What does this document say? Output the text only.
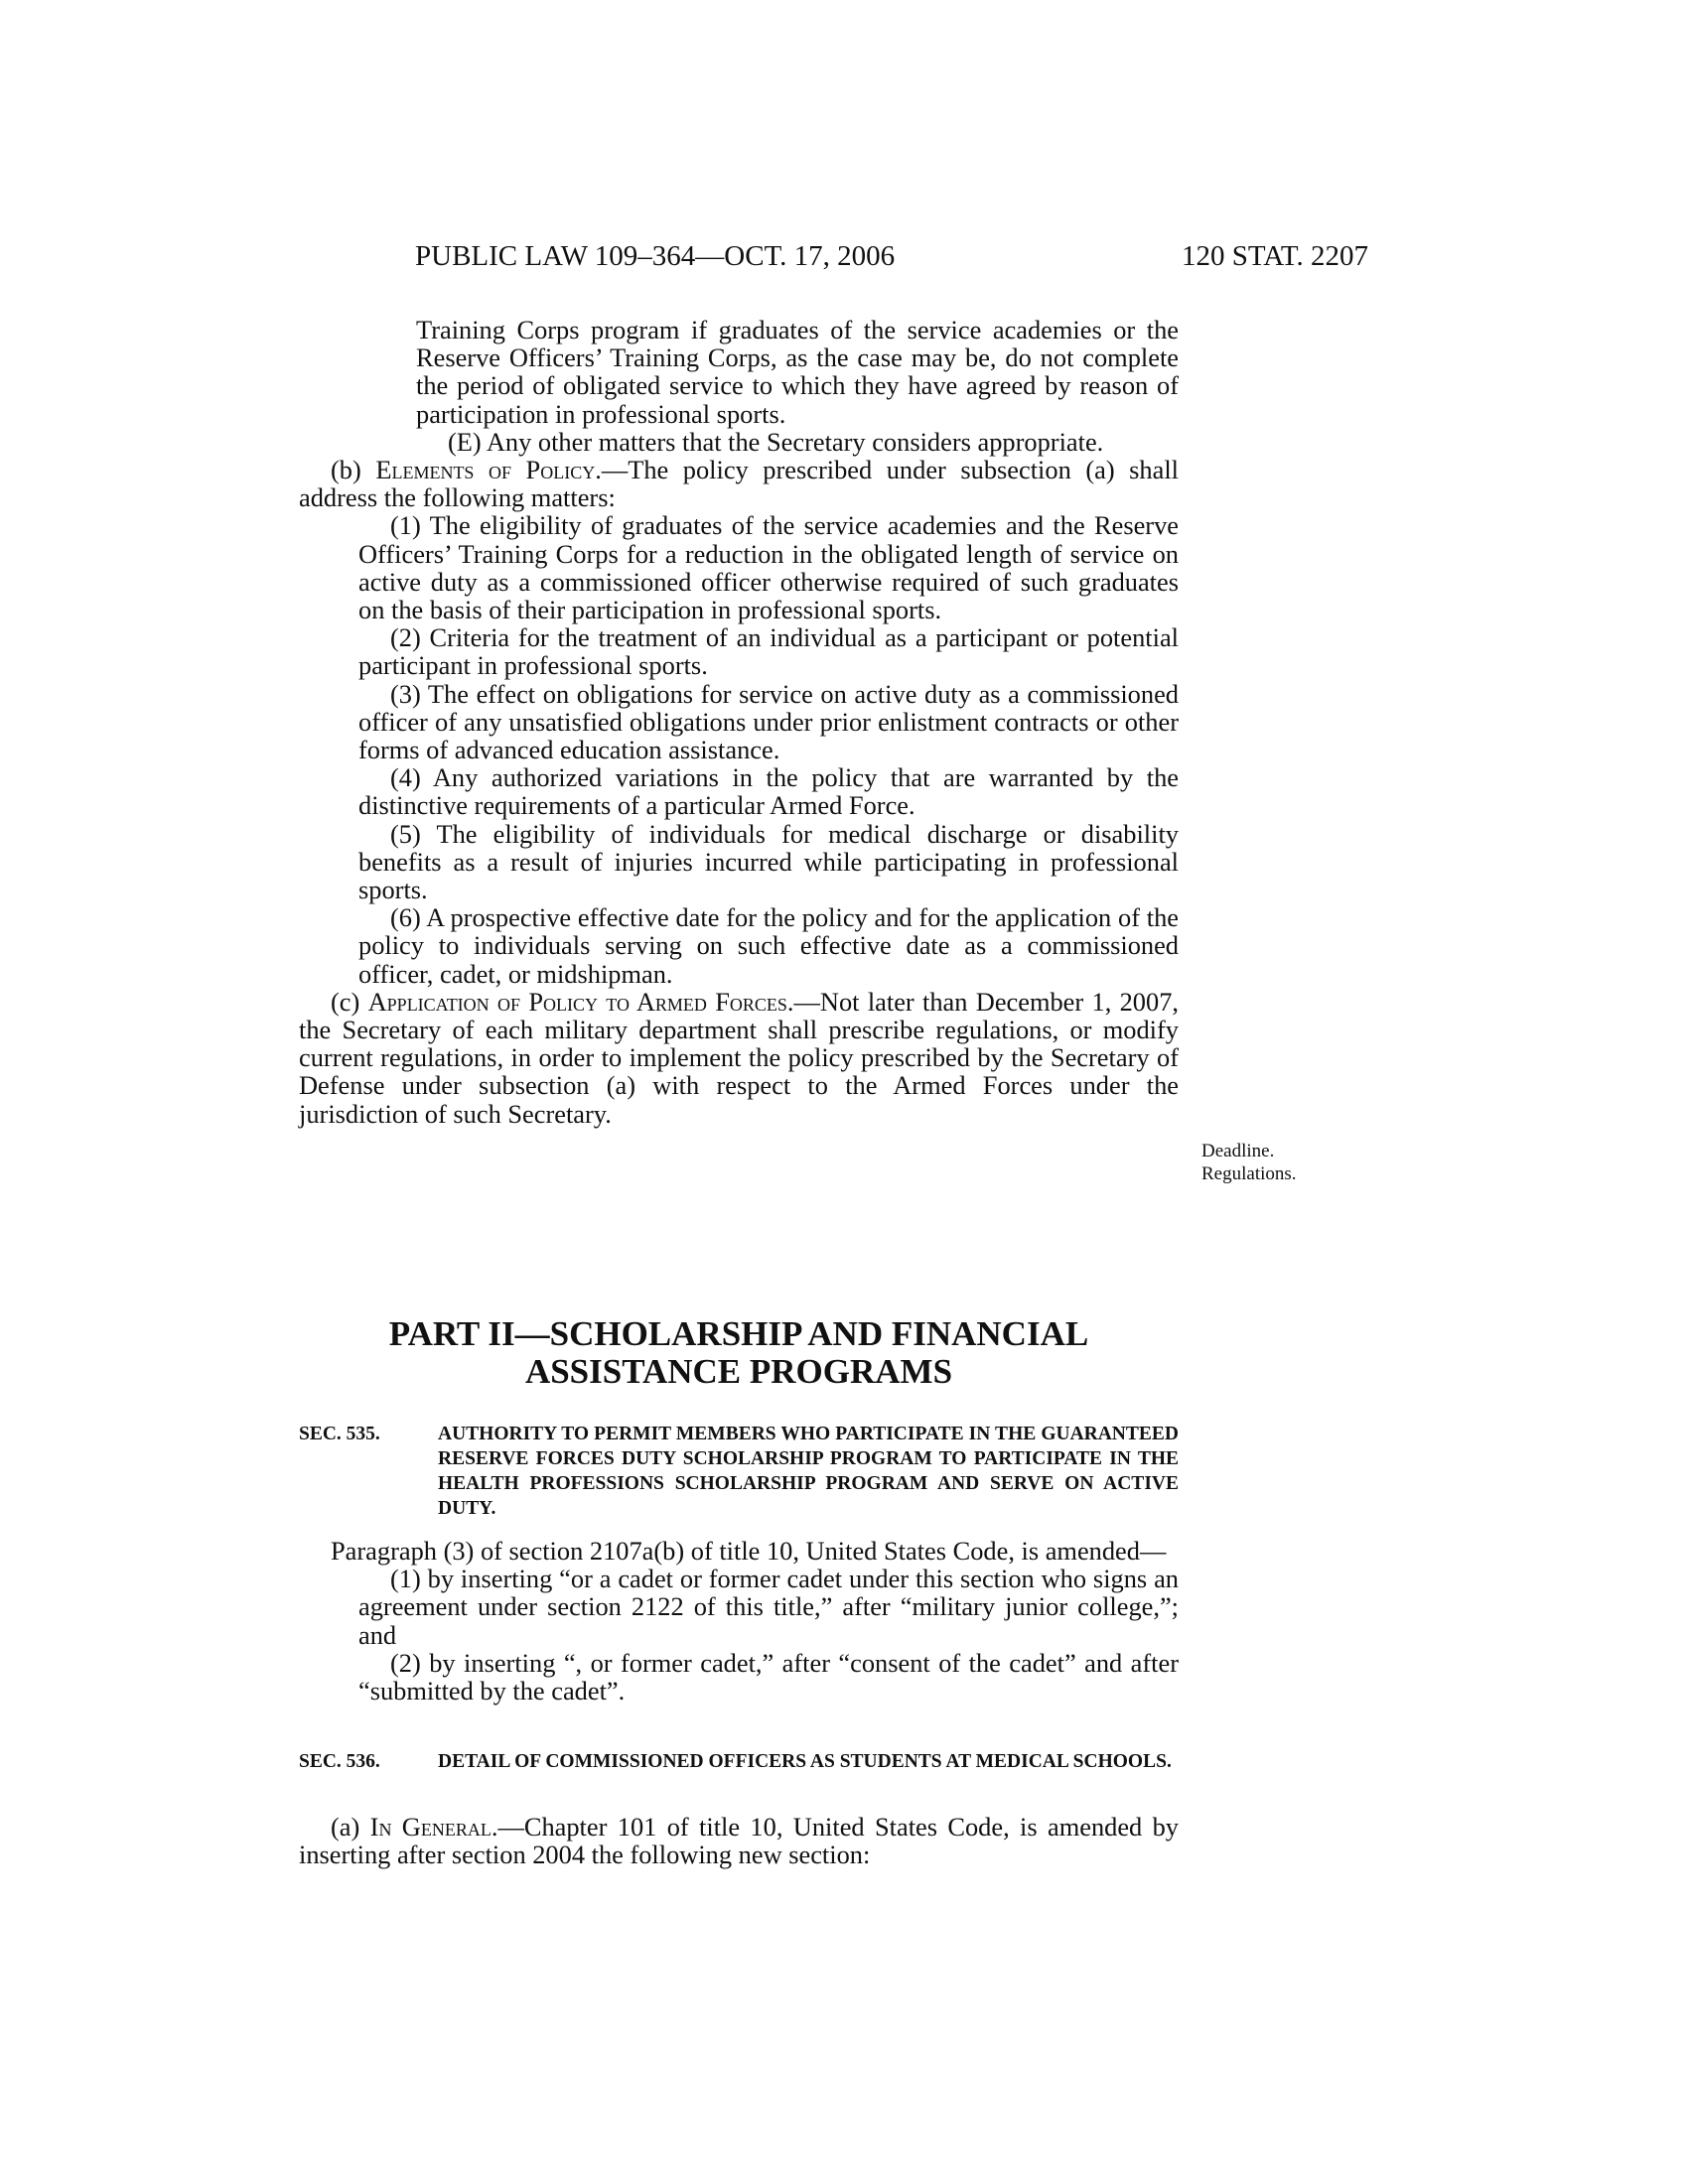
PUBLIC LAW 109–364—OCT. 17, 2006	120 STAT. 2207

Training Corps program if graduates of the service academies or the Reserve Officers’ Training Corps, as the case may be, do not complete the period of obligated service to which they have agreed by reason of participation in professional sports.

(E) Any other matters that the Secretary considers appropriate.

(b) Elements of Policy.—The policy prescribed under subsection (a) shall address the following matters:

(1) The eligibility of graduates of the service academies and the Reserve Officers’ Training Corps for a reduction in the obligated length of service on active duty as a commissioned officer otherwise required of such graduates on the basis of their participation in professional sports.

(2) Criteria for the treatment of an individual as a participant or potential participant in professional sports.

(3) The effect on obligations for service on active duty as a commissioned officer of any unsatisfied obligations under prior enlistment contracts or other forms of advanced education assistance.

(4) Any authorized variations in the policy that are warranted by the distinctive requirements of a particular Armed Force.

(5) The eligibility of individuals for medical discharge or disability benefits as a result of injuries incurred while participating in professional sports.

(6) A prospective effective date for the policy and for the application of the policy to individuals serving on such effective date as a commissioned officer, cadet, or midshipman.

(c) Application of Policy to Armed Forces.—Not later than December 1, 2007, the Secretary of each military department shall prescribe regulations, or modify current regulations, in order to implement the policy prescribed by the Secretary of Defense under subsection (a) with respect to the Armed Forces under the jurisdiction of such Secretary.

Deadline.
Regulations.
PART II—SCHOLARSHIP AND FINANCIAL
ASSISTANCE PROGRAMS
SEC. 535.	AUTHORITY TO PERMIT MEMBERS WHO PARTICIPATE IN THE GUARANTEED RESERVE FORCES DUTY SCHOLARSHIP PROGRAM TO PARTICIPATE IN THE HEALTH PROFESSIONS SCHOLARSHIP PROGRAM AND SERVE ON ACTIVE DUTY.

Paragraph (3) of section 2107a(b) of title 10, United States Code, is amended—

(1) by inserting “or a cadet or former cadet under this section who signs an agreement under section 2122 of this title,” after “military junior college,”; and

(2) by inserting “, or former cadet,” after “consent of the cadet” and after “submitted by the cadet”.

SEC. 536.	DETAIL OF COMMISSIONED OFFICERS AS STUDENTS AT MEDICAL SCHOOLS.

(a) In General.—Chapter 101 of title 10, United States Code, is amended by inserting after section 2004 the following new section:
